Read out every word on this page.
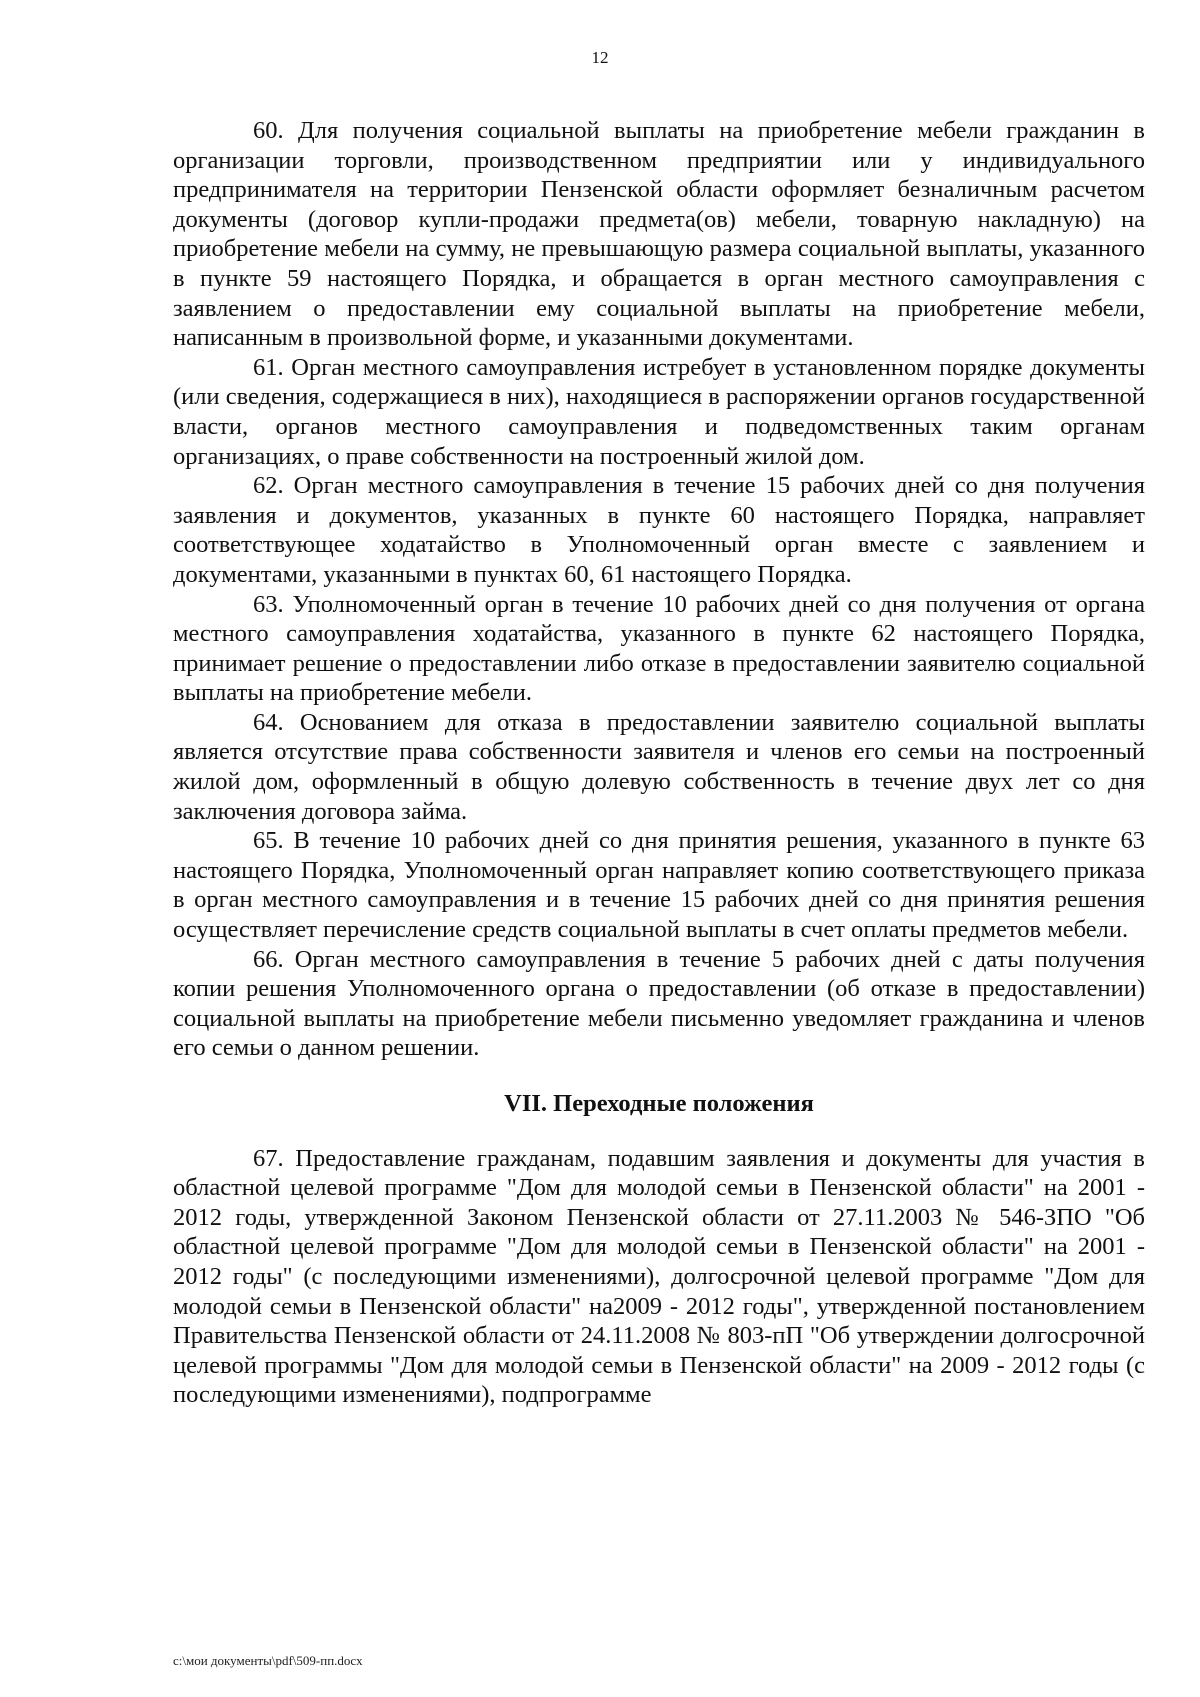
12

60. Для получения социальной выплаты на приобретение мебели гражданин в организации торговли, производственном предприятии или у индивидуального предпринимателя на территории Пензенской области оформляет безналичным расчетом документы (договор купли-продажи предмета(ов) мебели, товарную накладную) на приобретение мебели на сумму, не превышающую размера социальной выплаты, указанного в пункте 59 настоящего Порядка, и обращается в орган местного самоуправления с заявлением о предоставлении ему социальной выплаты на приобретение мебели, написанным в произвольной форме, и указанными документами.

61. Орган местного самоуправления истребует в установленном порядке документы (или сведения, содержащиеся в них), находящиеся в распоряжении органов государственной власти, органов местного самоуправления и подведомственных таким органам организациях, о праве собственности на построенный жилой дом.

62. Орган местного самоуправления в течение 15 рабочих дней со дня получения заявления и документов, указанных в пункте 60 настоящего Порядка, направляет соответствующее ходатайство в Уполномоченный орган вместе с заявлением и документами, указанными в пунктах 60, 61 настоящего Порядка.

63. Уполномоченный орган в течение 10 рабочих дней со дня получения от органа местного самоуправления ходатайства, указанного в пункте 62 настоящего Порядка, принимает решение о предоставлении либо отказе в предоставлении заявителю социальной выплаты на приобретение мебели.

64. Основанием для отказа в предоставлении заявителю социальной выплаты является отсутствие права собственности заявителя и членов его семьи на построенный жилой дом, оформленный в общую долевую собственность в течение двух лет со дня заключения договора займа.

65. В течение 10 рабочих дней со дня принятия решения, указанного в пункте 63 настоящего Порядка, Уполномоченный орган направляет копию соответствующего приказа в орган местного самоуправления и в течение 15 рабочих дней со дня принятия решения осуществляет перечисление средств социальной выплаты в счет оплаты предметов мебели.

66. Орган местного самоуправления в течение 5 рабочих дней с даты получения копии решения Уполномоченного органа о предоставлении (об отказе в предоставлении) социальной выплаты на приобретение мебели письменно уведомляет гражданина и членов его семьи о данном решении.

VII. Переходные положения

67. Предоставление гражданам, подавшим заявления и документы для участия в областной целевой программе "Дом для молодой семьи в Пензенской области" на 2001 - 2012 годы, утвержденной Законом Пензенской области от 27.11.2003 № 546-ЗПО "Об областной целевой программе "Дом для молодой семьи в Пензенской области" на 2001 - 2012 годы" (с последующими изменениями), долгосрочной целевой программе "Дом для молодой семьи в Пензенской области" на2009 - 2012 годы", утвержденной постановлением Правительства Пензенской области от 24.11.2008 № 803-пП "Об утверждении долгосрочной целевой программы "Дом для молодой семьи в Пензенской области" на 2009 - 2012 годы (с последующими изменениями), подпрограмме

c:\мои документы\pdf\509-пп.docx
